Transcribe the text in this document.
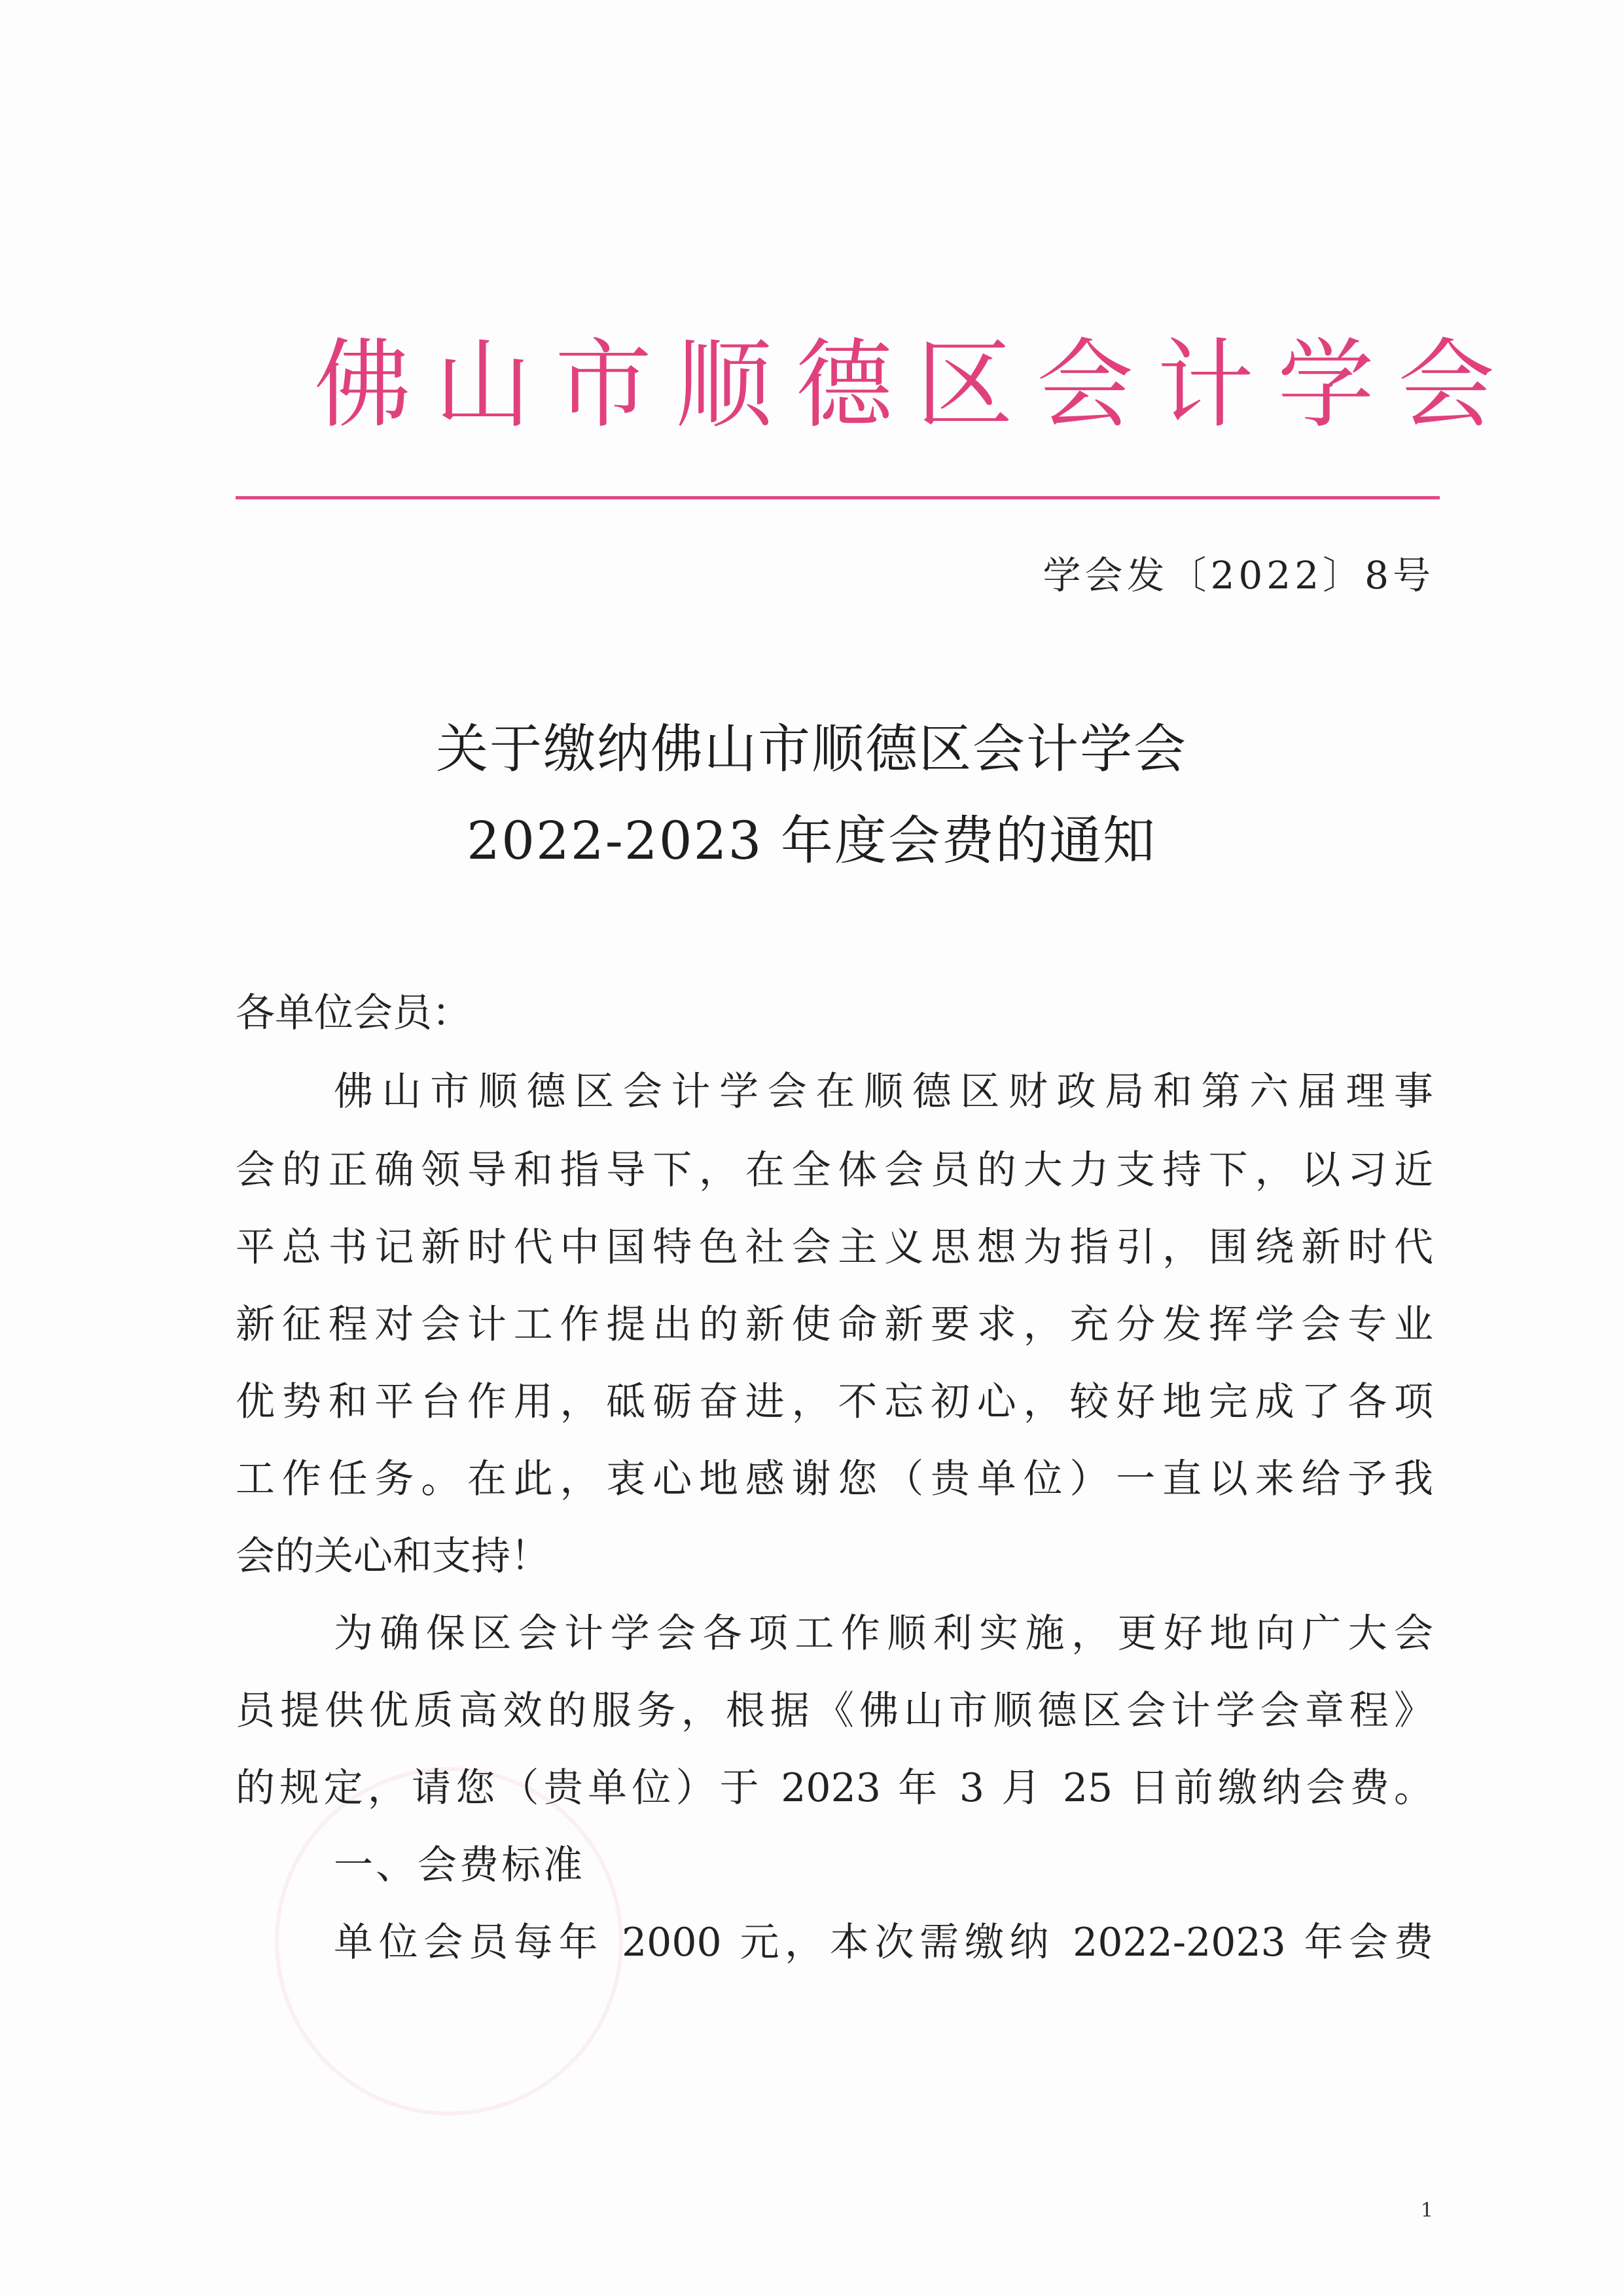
佛山市顺德区会计学会
学会发〔2022〕8号
关于缴纳佛山市顺德区会计学会
2022-2023 年度会费的通知
各单位会员：
佛山市顺德区会计学会在顺德区财政局和第六届理事
会的正确领导和指导下，在全体会员的大力支持下，以习近
平总书记新时代中国特色社会主义思想为指引，围绕新时代
新征程对会计工作提出的新使命新要求，充分发挥学会专业
优势和平台作用，砥砺奋进，不忘初心，较好地完成了各项
工作任务。在此，衷心地感谢您（贵单位）一直以来给予我
会的关心和支持！
为确保区会计学会各项工作顺利实施，更好地向广大会
员提供优质高效的服务，根据《佛山市顺德区会计学会章程》
的规定，请您（贵单位）于 2023 年 3 月 25 日前缴纳会费。
一、会费标准
单位会员每年 2000 元，本次需缴纳 2022-2023 年会费
1
